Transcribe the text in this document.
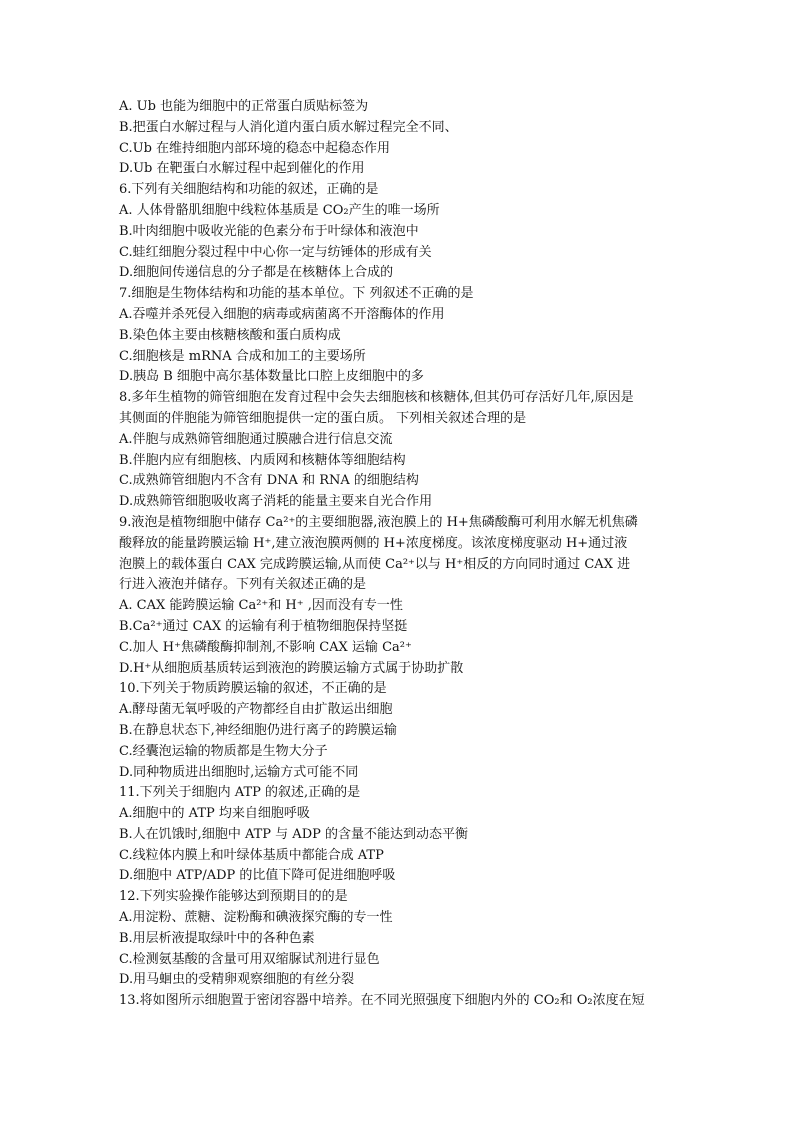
A. Ub 也能为细胞中的正常蛋白质贴标签为
B.把蛋白水解过程与人消化道内蛋白质水解过程完全不同、
C.Ub 在维持细胞内部环境的稳态中起稳态作用
D.Ub 在靶蛋白水解过程中起到催化的作用
6.下列有关细胞结构和功能的叙述，正确的是
A. 人体骨骼肌细胞中线粒体基质是 CO₂产生的唯一场所
B.叶肉细胞中吸收光能的色素分布于叶绿体和液泡中
C.蛙红细胞分裂过程中中心你一定与纺锤体的形成有关
D.细胞间传递信息的分子都是在核糖体上合成的
7.细胞是生物体结构和功能的基本单位。下 列叙述不正确的是
A.吞噬并杀死侵入细胞的病毒或病菌离不开溶酶体的作用
B.染色体主要由核糖核酸和蛋白质构成
C.细胞核是 mRNA 合成和加工的主要场所
D.胰岛 B 细胞中高尔基体数量比口腔上皮细胞中的多
8.多年生植物的筛管细胞在发育过程中会失去细胞核和核糖体,但其仍可存活好几年,原因是
其侧面的伴胞能为筛管细胞提供一定的蛋白质。 下列相关叙述合理的是
A.伴胞与成熟筛管细胞通过膜融合进行信息交流
B.伴胞内应有细胞核、内质网和核糖体等细胞结构
C.成熟筛管细胞内不含有 DNA 和 RNA 的细胞结构
D.成熟筛管细胞吸收离子消耗的能量主要来自光合作用
9.液泡是植物细胞中储存 Ca²⁺的主要细胞器,液泡膜上的 H+焦磷酸酶可利用水解无机焦磷
酸释放的能量跨膜运输 H⁺,建立液泡膜两侧的 H+浓度梯度。该浓度梯度驱动 H+通过液
泡膜上的载体蛋白 CAX 完成跨膜运输,从而使 Ca²⁺以与 H⁺相反的方向同时通过 CAX 进
行进入液泡并储存。下列有关叙述正确的是
A. CAX 能跨膜运输 Ca²⁺和 H⁺ ,因而没有专一性
B.Ca²⁺通过 CAX 的运输有利于植物细胞保持坚挺
C.加人 H⁺焦磷酸酶抑制剂,不影响 CAX 运输 Ca²⁺
D.H⁺从细胞质基质转运到液泡的跨膜运输方式属于协助扩散
10.下列关于物质跨膜运输的叙述，不正确的是
A.酵母菌无氧呼吸的产物都经自由扩散运出细胞
B.在静息状态下,神经细胞仍进行离子的跨膜运输
C.经囊泡运输的物质都是生物大分子
D.同种物质进出细胞时,运输方式可能不同
11.下列关于细胞内 ATP 的叙述,正确的是
A.细胞中的 ATP 均来自细胞呼吸
B.人在饥饿时,细胞中 ATP 与 ADP 的含量不能达到动态平衡
C.线粒体内膜上和叶绿体基质中都能合成 ATP
D.细胞中 ATP/ADP 的比值下降可促进细胞呼吸
12.下列实验操作能够达到预期目的的是
A.用淀粉、蔗糖、淀粉酶和碘液探究酶的专一性
B.用层析液提取绿叶中的各种色素
C.检测氨基酸的含量可用双缩脲试剂进行显色
D.用马蛔虫的受精卵观察细胞的有丝分裂
13.将如图所示细胞置于密闭容器中培养。在不同光照强度下细胞内外的 CO₂和 O₂浓度在短
